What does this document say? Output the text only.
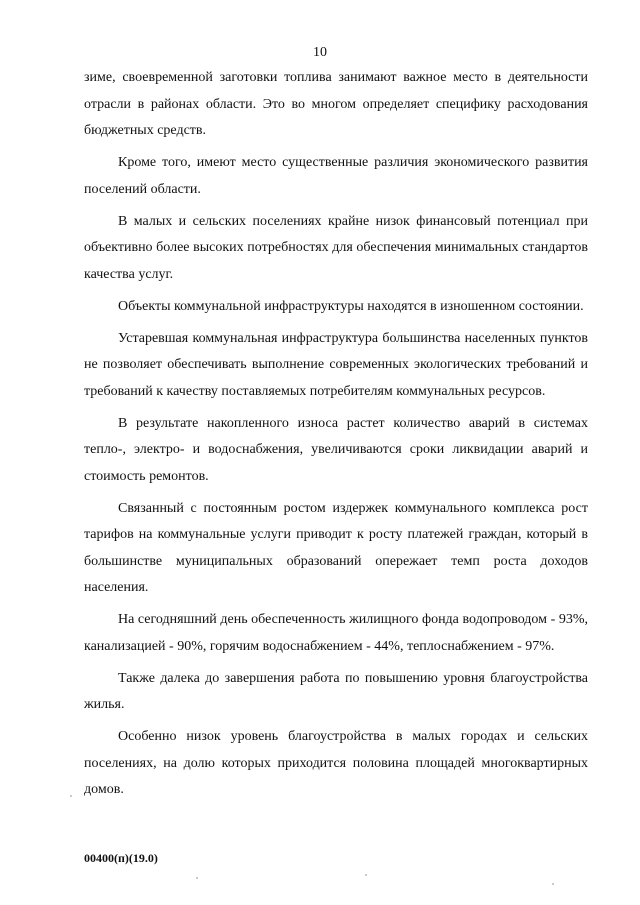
10

зиме, своевременной заготовки топлива занимают важное место в деятельности отрасли в районах области. Это во многом определяет специфику расходования бюджетных средств.

Кроме того, имеют место существенные различия экономического развития поселений области.

В малых и сельских поселениях крайне низок финансовый потенциал при объективно более высоких потребностях для обеспечения минимальных стандартов качества услуг.

Объекты коммунальной инфраструктуры находятся в изношенном состоянии.

Устаревшая коммунальная инфраструктура большинства населенных пунктов не позволяет обеспечивать выполнение современных экологических требований и требований к качеству поставляемых потребителям коммунальных ресурсов.

В результате накопленного износа растет количество аварий в системах тепло-, электро- и водоснабжения, увеличиваются сроки ликвидации аварий и стоимость ремонтов.

Связанный с постоянным ростом издержек коммунального комплекса рост тарифов на коммунальные услуги приводит к росту платежей граждан, который в большинстве муниципальных образований опережает темп роста доходов населения.

На сегодняшний день обеспеченность жилищного фонда водопроводом - 93%, канализацией - 90%, горячим водоснабжением - 44%, теплоснабжением - 97%.

Также далека до завершения работа по повышению уровня благоустройства жилья.

Особенно низок уровень благоустройства в малых городах и сельских поселениях, на долю которых приходится половина площадей многоквартирных домов.

00400(п)(19.0)
